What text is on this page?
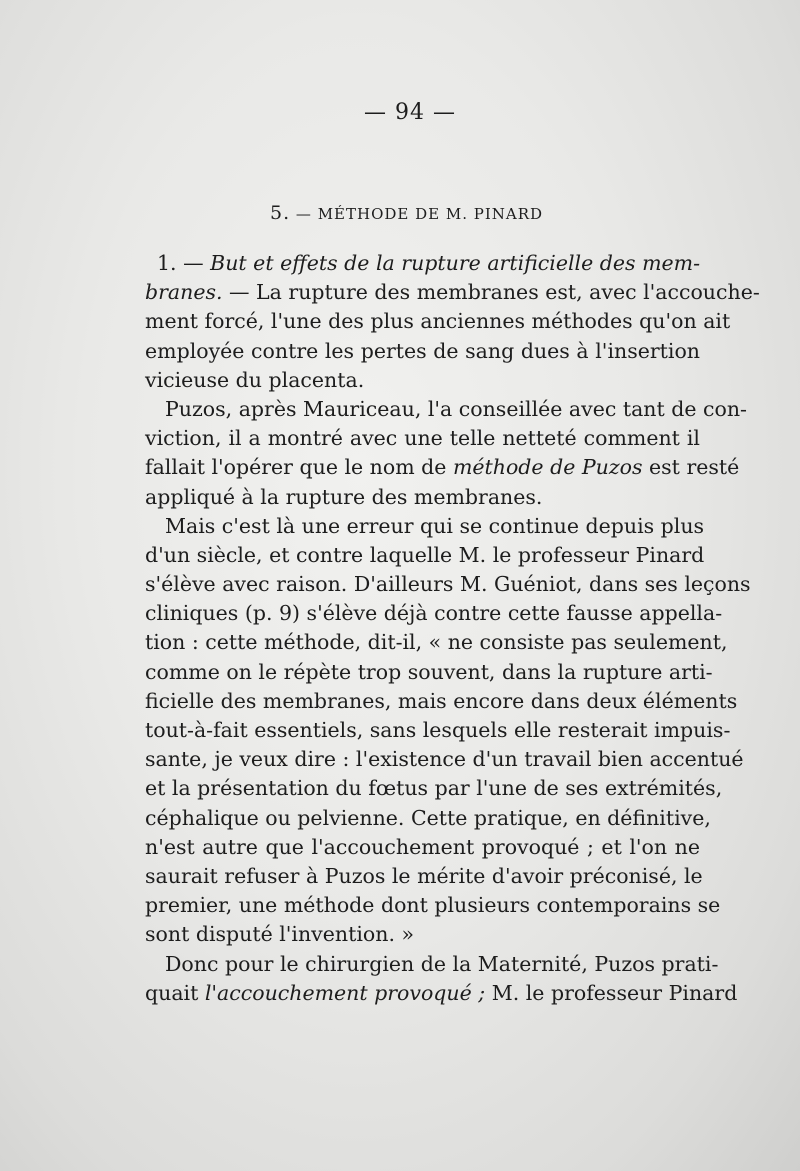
— 94 —
5. — MÉTHODE DE M. PINARD
1. — But et effets de la rupture artificielle des mem-
branes. — La rupture des membranes est, avec l'accouche-
ment forcé, l'une des plus anciennes méthodes qu'on ait
employée contre les pertes de sang dues à l'insertion
vicieuse du placenta.
Puzos, après Mauriceau, l'a conseillée avec tant de con-
viction, il a montré avec une telle netteté comment il
fallait l'opérer que le nom de méthode de Puzos est resté
appliqué à la rupture des membranes.
Mais c'est là une erreur qui se continue depuis plus
d'un siècle, et contre laquelle M. le professeur Pinard
s'élève avec raison. D'ailleurs M. Guéniot, dans ses leçons
cliniques (p. 9) s'élève déjà contre cette fausse appella-
tion : cette méthode, dit-il, « ne consiste pas seulement,
comme on le répète trop souvent, dans la rupture arti-
ficielle des membranes, mais encore dans deux éléments
tout-à-fait essentiels, sans lesquels elle resterait impuis-
sante, je veux dire : l'existence d'un travail bien accentué
et la présentation du fœtus par l'une de ses extrémités,
céphalique ou pelvienne. Cette pratique, en définitive,
n'est autre que l'accouchement provoqué ; et l'on ne
saurait refuser à Puzos le mérite d'avoir préconisé, le
premier, une méthode dont plusieurs contemporains se
sont disputé l'invention. »
Donc pour le chirurgien de la Maternité, Puzos prati-
quait l'accouchement provoqué ; M. le professeur Pinard
